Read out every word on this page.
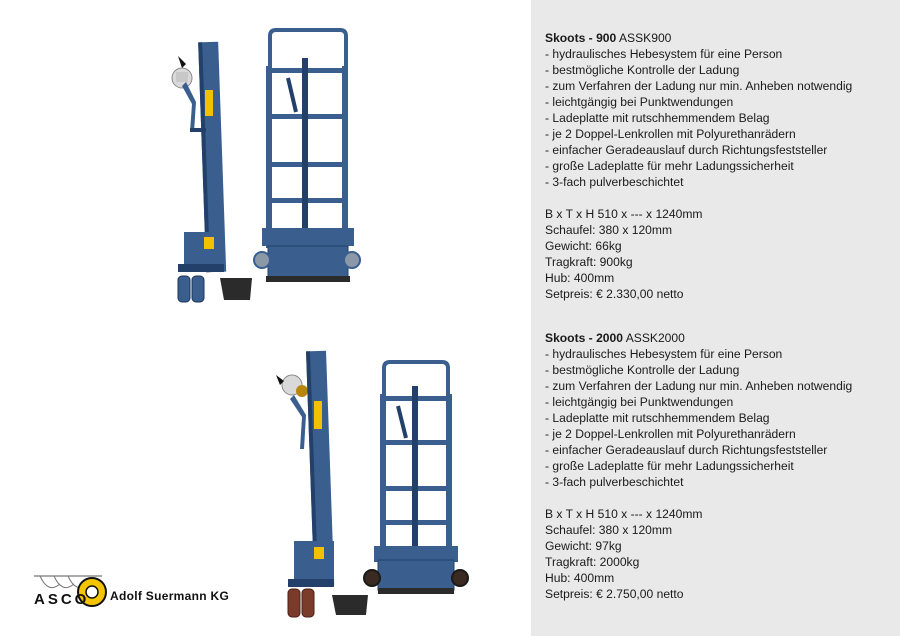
ASCO Adolf Suermann KG
Skoots - 900 ASSK900
- hydraulisches Hebesystem für eine Person
- bestmögliche Kontrolle der Ladung
- zum Verfahren der Ladung nur min. Anheben notwendig
- leichtgängig bei Punktwendungen
- Ladeplatte mit rutschhemmendem Belag
- je 2 Doppel-Lenkrollen mit Polyurethanrädern
- einfacher Geradeauslauf durch Richtungsfeststeller
- große Ladeplatte für mehr Ladungssicherheit
- 3-fach pulverbeschichtet
B x T x H 510 x --- x 1240mm
Schaufel: 380 x 120mm
Gewicht: 66kg
Tragkraft: 900kg
Hub: 400mm
Setpreis: € 2.330,00 netto
Skoots - 2000 ASSK2000
- hydraulisches Hebesystem für eine Person
- bestmögliche Kontrolle der Ladung
- zum Verfahren der Ladung nur min. Anheben notwendig
- leichtgängig bei Punktwendungen
- Ladeplatte mit rutschhemmendem Belag
- je 2 Doppel-Lenkrollen mit Polyurethanrädern
- einfacher Geradeauslauf durch Richtungsfeststeller
- große Ladeplatte für mehr Ladungssicherheit
- 3-fach pulverbeschichtet
B x T x H 510 x --- x 1240mm
Schaufel: 380 x 120mm
Gewicht: 97kg
Tragkraft: 2000kg
Hub: 400mm
Setpreis: € 2.750,00 netto
